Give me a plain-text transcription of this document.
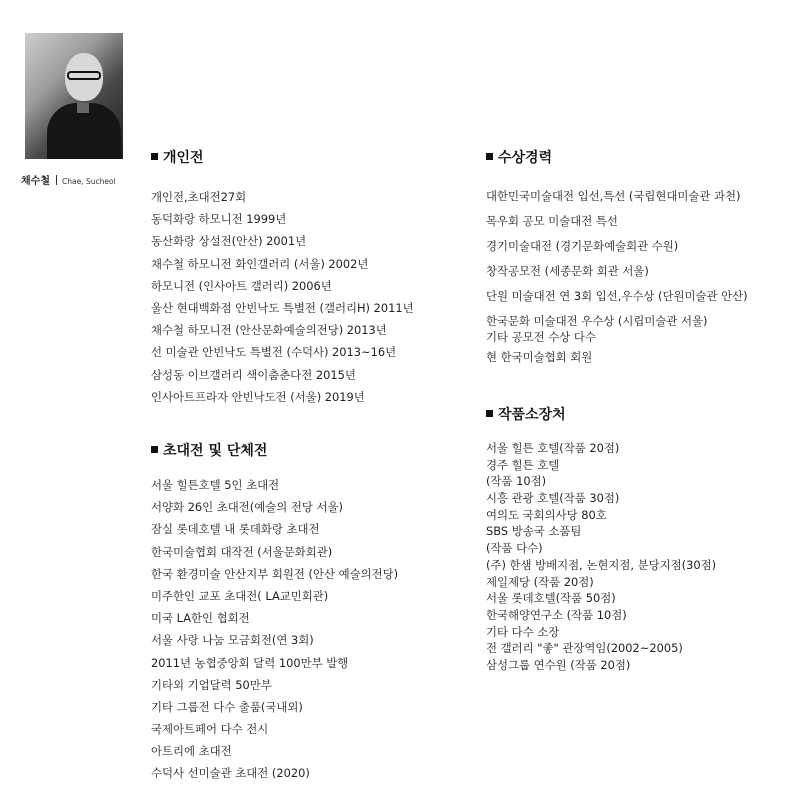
채수철 Chae, Sucheol
개인전
개인전,초대전27회
동덕화랑 하모니전 1999년
동산화랑 상설전(안산) 2001년
채수철 하모니전 화인갤러리 (서울) 2002년
하모니전 (인사아트 갤러리) 2006년
울산 현대백화점 안빈낙도 특별전 (갤러리H) 2011년
채수철 하모니전 (안산문화예술의전당) 2013년
선 미술관 안빈낙도 특별전 (수덕사) 2013~16년
삼성동 이브갤러리 색이춤춘다전 2015년
인사아트프라자 안빈낙도전 (서울) 2019년
초대전 및 단체전
서울 힐튼호텔 5인 초대전
서양화 26인 초대전(예술의 전당 서울)
잠실 롯데호텔 내 롯데화랑 초대전
한국미술협회 대작전 (서울문화회관)
한국 환경미술 안산지부 회원전 (안산 예술의전당)
미주한인 교포 초대전( LA교민회관)
미국 LA한인 협회전
서울 사랑 나눔 모금회전(연 3회)
2011년 농협중앙회 달력 100만부 발행
기타외 기업달력 50만부
기타 그룹전 다수 출품(국내외)
국제아트페어 다수 전시
아트리에 초대전
수덕사 선미술관 초대전 (2020)
수상경력
대한민국미술대전 입선,특선 (국립현대미술관 과천)
목우회 공모 미술대전 특선
경기미술대전 (경기문화예술회관 수원)
창작공모전 (세종문화 회관 서울)
단원 미술대전 연 3회 입선,우수상 (단원미술관 안산)
한국문화 미술대전 우수상 (시립미술관 서울)
기타 공모전 수상 다수
현 한국미술협회 회원
작품소장처
서울 힐튼 호텔(작품 20점)
경주 힐튼 호텔
(작품 10점)
시흥 관광 호텔(작품 30점)
여의도 국회의사당 80호
SBS 방송국 소품팀
(작품 다수)
(주) 한샘 방배지점, 논현지점, 분당지점(30점)
제일제당 (작품 20점)
서울 롯데호텔(작품 50점)
한국해양연구소 (작품 10점)
기타 다수 소장
전 갤러리 "좋" 관장역임(2002~2005)
삼성그룹 연수원 (작품 20점)
